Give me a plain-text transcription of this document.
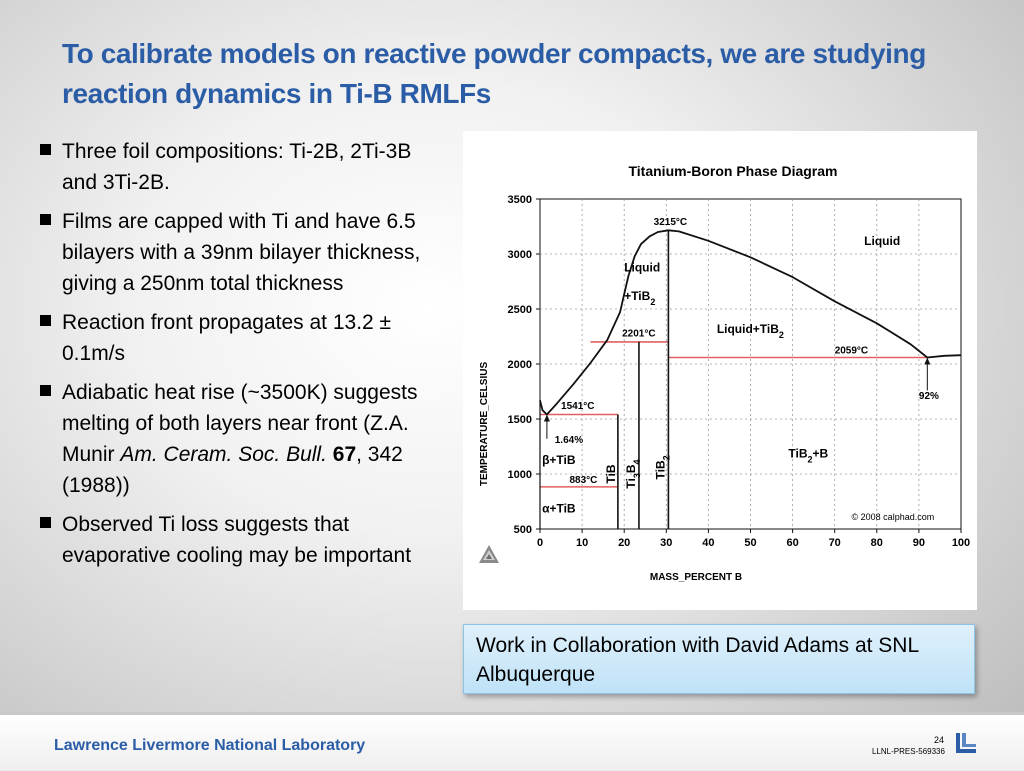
To calibrate models on reactive powder compacts, we are studying reaction dynamics in Ti-B RMLFs
Three foil compositions: Ti-2B, 2Ti-3B and 3Ti-2B.
Films are capped with Ti and have 6.5 bilayers with a 39nm bilayer thickness, giving a 250nm total thickness
Reaction front propagates at 13.2 ± 0.1m/s
Adiabatic heat rise (~3500K) suggests melting of both layers near front (Z.A. Munir Am. Ceram. Soc. Bull. 67, 342 (1988))
Observed Ti loss suggests that evaporative cooling may be important
Titanium-Boron Phase Diagram
0	10	20	30	40	50	60	70	80	90 100
500
1000
1500
2000
2500
3000
3500
3215°C
Liquid
Liquid
+TiB$_2$
Liquid+TiB$_2$
2201°C
2059°C
92%
1541°C
1.64%
β+TiB
883°C
α+TiB
TiB$_2$+B
© 2008 calphad.com
TiB $Ti_3B_4$ TiB$_2$
MASS_PERCENT B
TEMPERATURE_CELSIUS
Work in Collaboration with David Adams at SNL Albuquerque
Lawrence Livermore National Laboratory	24
LLNL-PRES-569336
